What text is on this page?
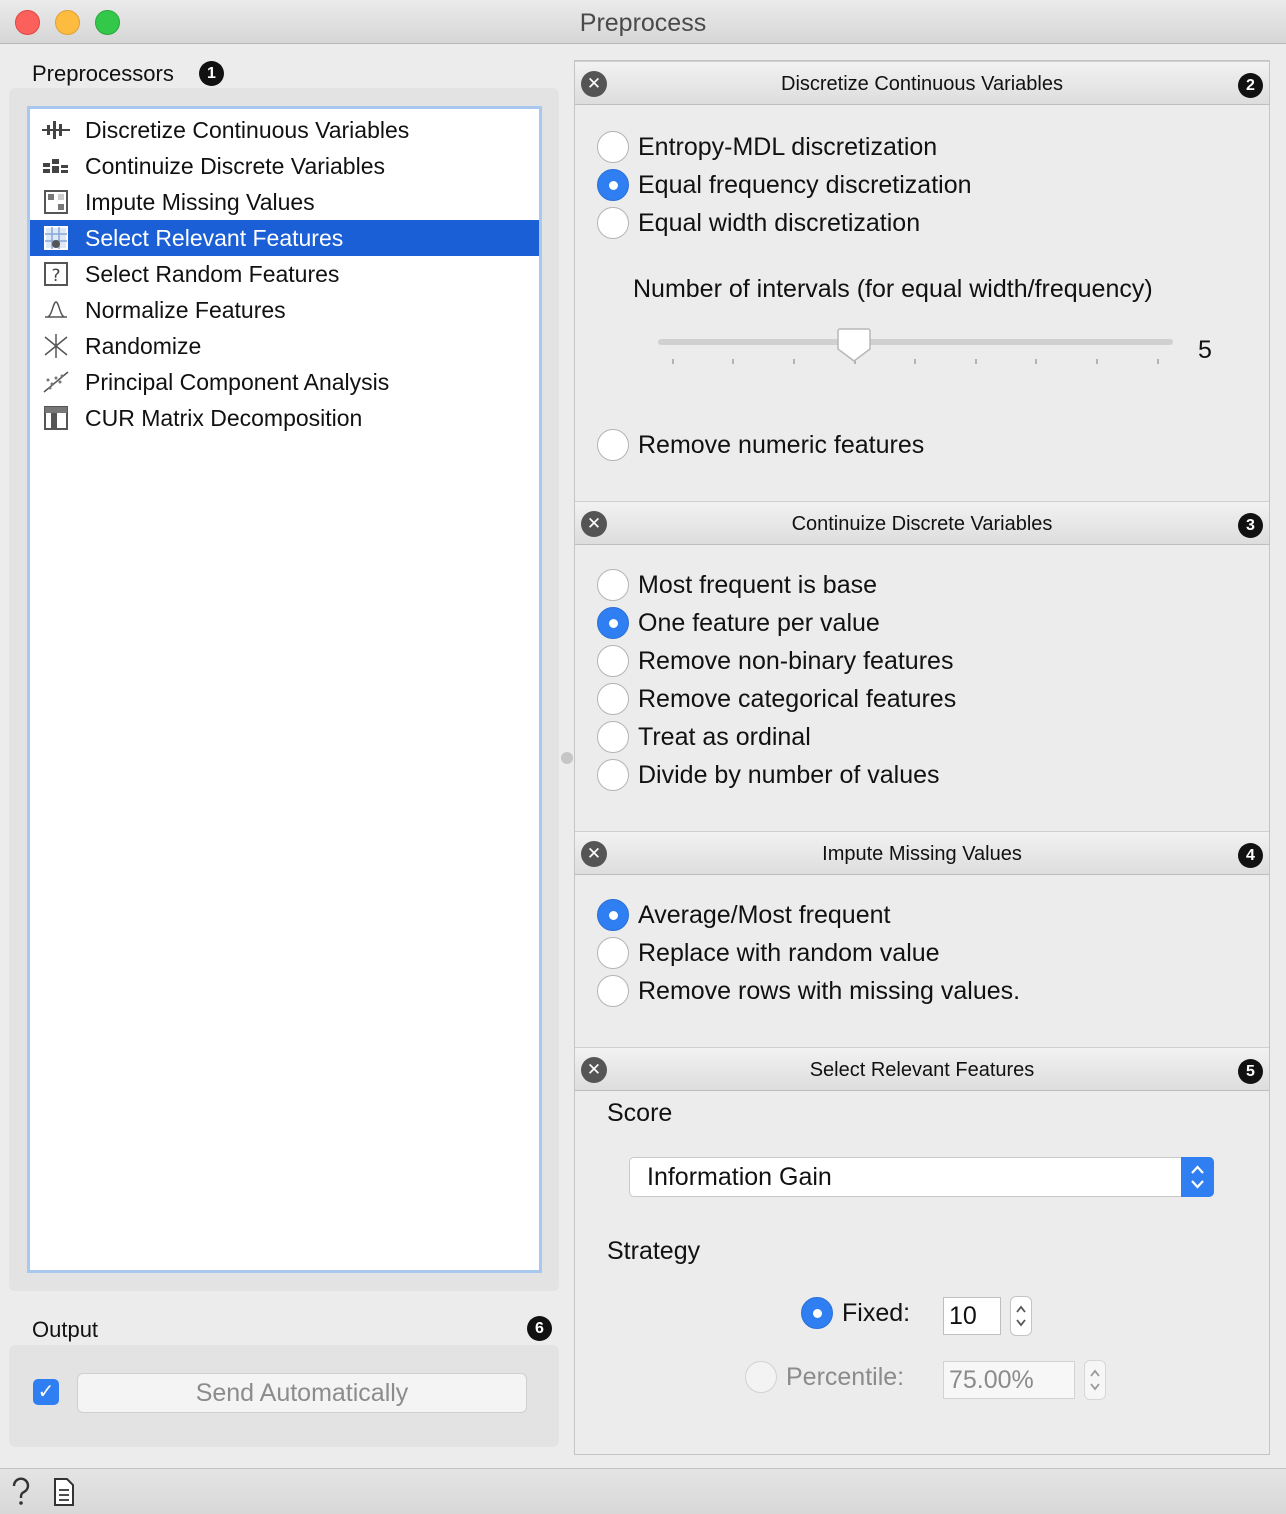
Preprocess
Preprocessors	1
Discretize Continuous Variables
Continuize Discrete Variables
Impute Missing Values
Select Relevant Features
? Select Random Features
Normalize Features
Randomize
Principal Component Analysis
CUR Matrix Decomposition
Output	6
✓	Send Automatically
✕	Discretize Continuous Variables	2
Entropy-MDL discretization
Equal frequency discretization
Equal width discretization
Number of intervals (for equal width/frequency)
5
Remove numeric features
✕	Continuize Discrete Variables	3
Most frequent is base
One feature per value
Remove non-binary features
Remove categorical features
Treat as ordinal
Divide by number of values
✕	Impute Missing Values	4
Average/Most frequent
Replace with random value
Remove rows with missing values.
✕	Select Relevant Features	5
Score
Information Gain
Strategy
Fixed: 10
Percentile: 75.00%
